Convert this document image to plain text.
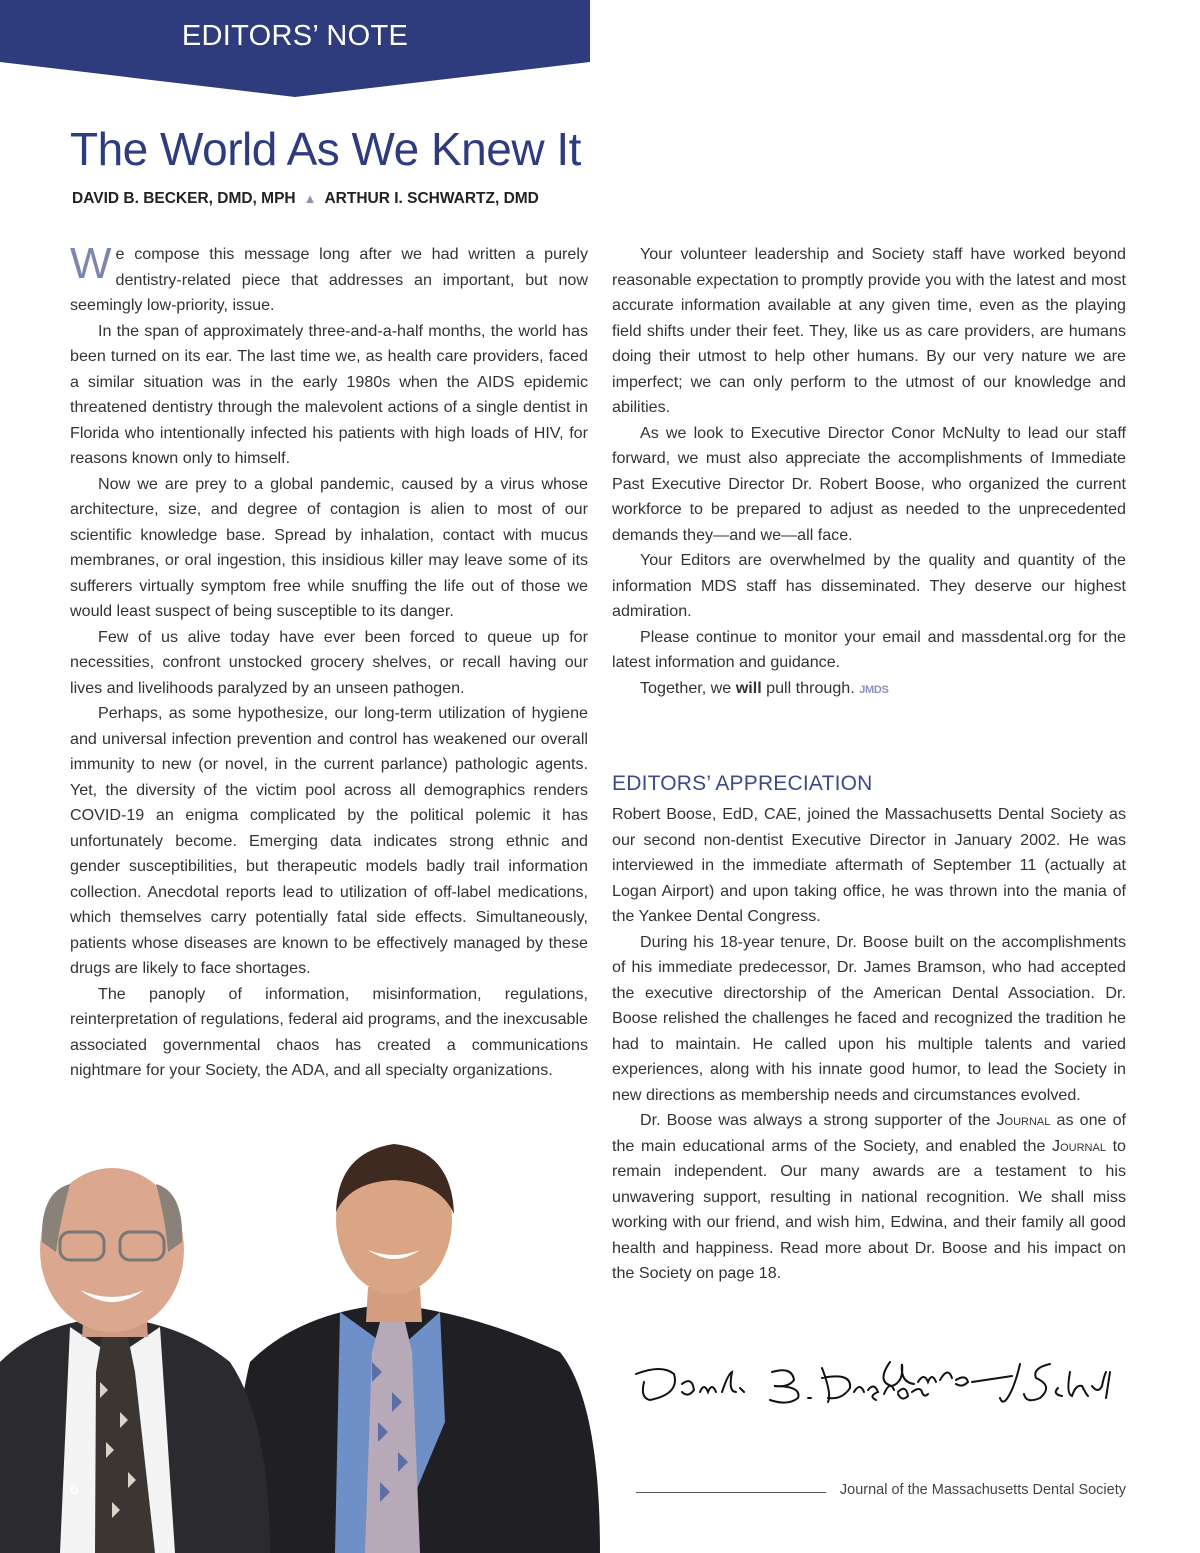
EDITORS’ NOTE
The World As We Knew It
DAVID B. BECKER, DMD, MPH ▲ ARTHUR I. SCHWARTZ, DMD

We compose this message long after we had written a purely dentistry-related piece that addresses an important, but now seemingly low-priority, issue.

In the span of approximately three-and-a-half months, the world has been turned on its ear. The last time we, as health care providers, faced a similar situation was in the early 1980s when the AIDS epidemic threatened dentistry through the malevolent actions of a single dentist in Florida who intentionally infected his patients with high loads of HIV, for reasons known only to himself.

Now we are prey to a global pandemic, caused by a virus whose architecture, size, and degree of contagion is alien to most of our scientific knowledge base. Spread by inhalation, contact with mucus membranes, or oral ingestion, this insidious killer may leave some of its sufferers virtually symptom free while snuffing the life out of those we would least suspect of being susceptible to its danger.

Few of us alive today have ever been forced to queue up for necessities, confront unstocked grocery shelves, or recall having our lives and livelihoods paralyzed by an unseen pathogen.

Perhaps, as some hypothesize, our long-term utilization of hygiene and universal infection prevention and control has weakened our overall immunity to new (or novel, in the current parlance) pathologic agents. Yet, the diversity of the victim pool across all demographics renders COVID-19 an enigma complicated by the political polemic it has unfortunately become. Emerging data indicates strong ethnic and gender susceptibilities, but therapeutic models badly trail information collection. Anecdotal reports lead to utilization of off-label medications, which themselves carry potentially fatal side effects. Simultaneously, patients whose diseases are known to be effectively managed by these drugs are likely to face shortages.

The panoply of information, misinformation, regulations, reinterpretation of regulations, federal aid programs, and the inexcusable associated governmental chaos has created a communications nightmare for your Society, the ADA, and all specialty organizations.

Your volunteer leadership and Society staff have worked beyond reasonable expectation to promptly provide you with the latest and most accurate information available at any given time, even as the playing field shifts under their feet. They, like us as care providers, are humans doing their utmost to help other humans. By our very nature we are imperfect; we can only perform to the utmost of our knowledge and abilities.

As we look to Executive Director Conor McNulty to lead our staff forward, we must also appreciate the accomplishments of Immediate Past Executive Director Dr. Robert Boose, who organized the current workforce to be prepared to adjust as needed to the unprecedented demands they—and we—all face.

Your Editors are overwhelmed by the quality and quantity of the information MDS staff has disseminated. They deserve our highest admiration.

Please continue to monitor your email and massdental.org for the latest information and guidance.

Together, we will pull through. JMDS

EDITORS’ APPRECIATION

Robert Boose, EdD, CAE, joined the Massachusetts Dental Society as our second non-dentist Executive Director in January 2002. He was interviewed in the immediate aftermath of September 11 (actually at Logan Airport) and upon taking office, he was thrown into the mania of the Yankee Dental Congress.

During his 18-year tenure, Dr. Boose built on the accomplishments of his immediate predecessor, Dr. James Bramson, who had accepted the executive directorship of the American Dental Association. Dr. Boose relished the challenges he faced and recognized the tradition he had to maintain. He called upon his multiple talents and varied experiences, along with his innate good humor, to lead the Society in new directions as membership needs and circumstances evolved.

Dr. Boose was always a strong supporter of the Journal as one of the main educational arms of the Society, and enabled the Journal to remain independent. Our many awards are a testament to his unwavering support, resulting in national recognition. We shall miss working with our friend, and wish him, Edwina, and their family all good health and happiness. Read more about Dr. Boose and his impact on the Society on page 18.

6	Journal of the Massachusetts Dental Society
